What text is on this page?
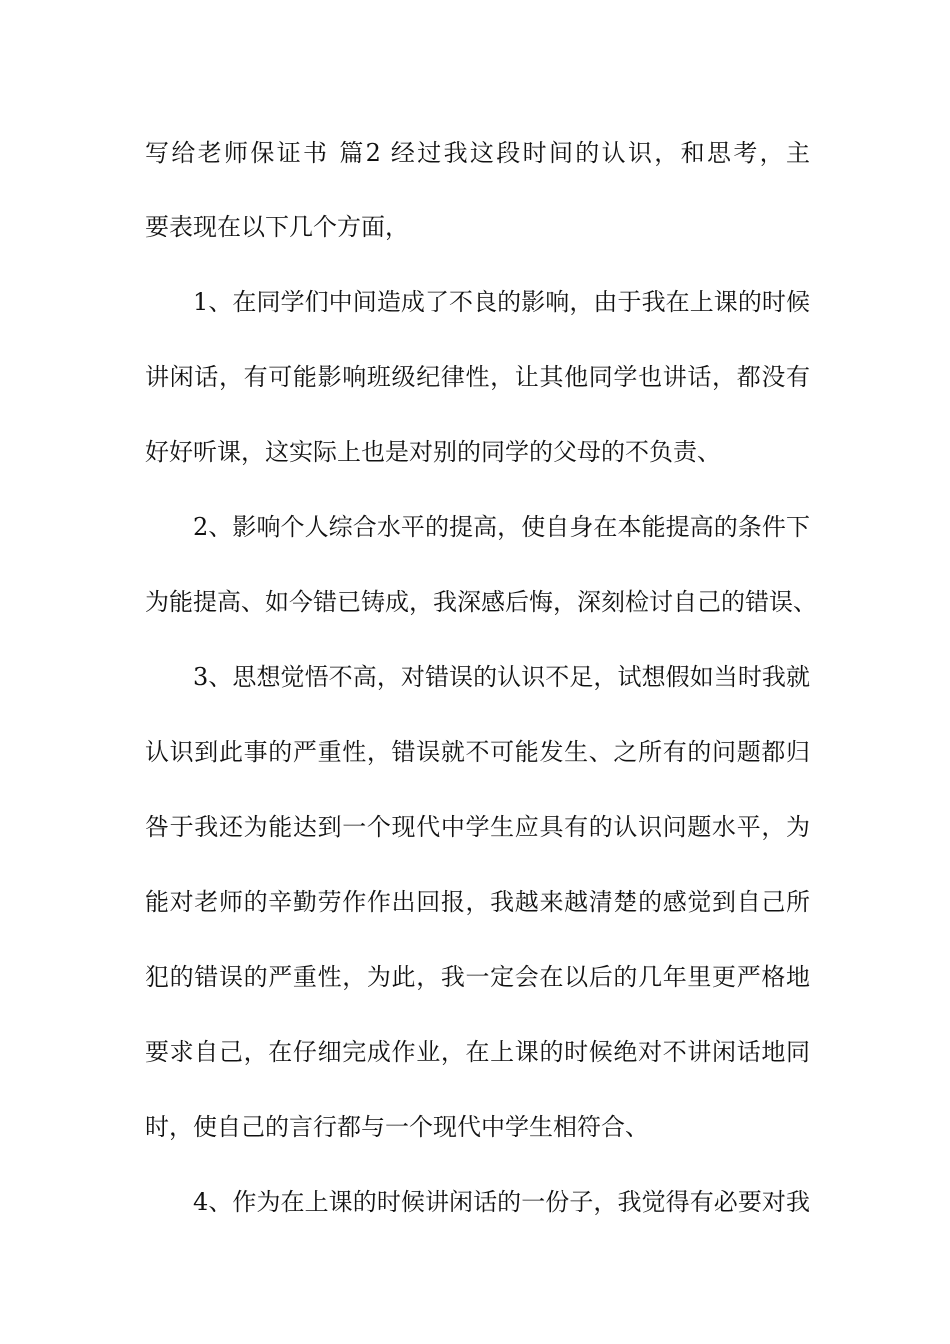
写给老师保证书 篇2 经过我这段时间的认识，和思考，主
要表现在以下几个方面，
1、在同学们中间造成了不良的影响，由于我在上课的时候
讲闲话，有可能影响班级纪律性，让其他同学也讲话，都没有
好好听课，这实际上也是对别的同学的父母的不负责、
2、影响个人综合水平的提高，使自身在本能提高的条件下
为能提高、如今错已铸成，我深感后悔，深刻检讨自己的错误、
3、思想觉悟不高，对错误的认识不足，试想假如当时我就
认识到此事的严重性，错误就不可能发生、之所有的问题都归
咎于我还为能达到一个现代中学生应具有的认识问题水平，为
能对老师的辛勤劳作作出回报，我越来越清楚的感觉到自己所
犯的错误的严重性，为此，我一定会在以后的几年里更严格地
要求自己，在仔细完成作业，在上课的时候绝对不讲闲话地同
时，使自己的言行都与一个现代中学生相符合、
4、作为在上课的时候讲闲话的一份子，我觉得有必要对我
